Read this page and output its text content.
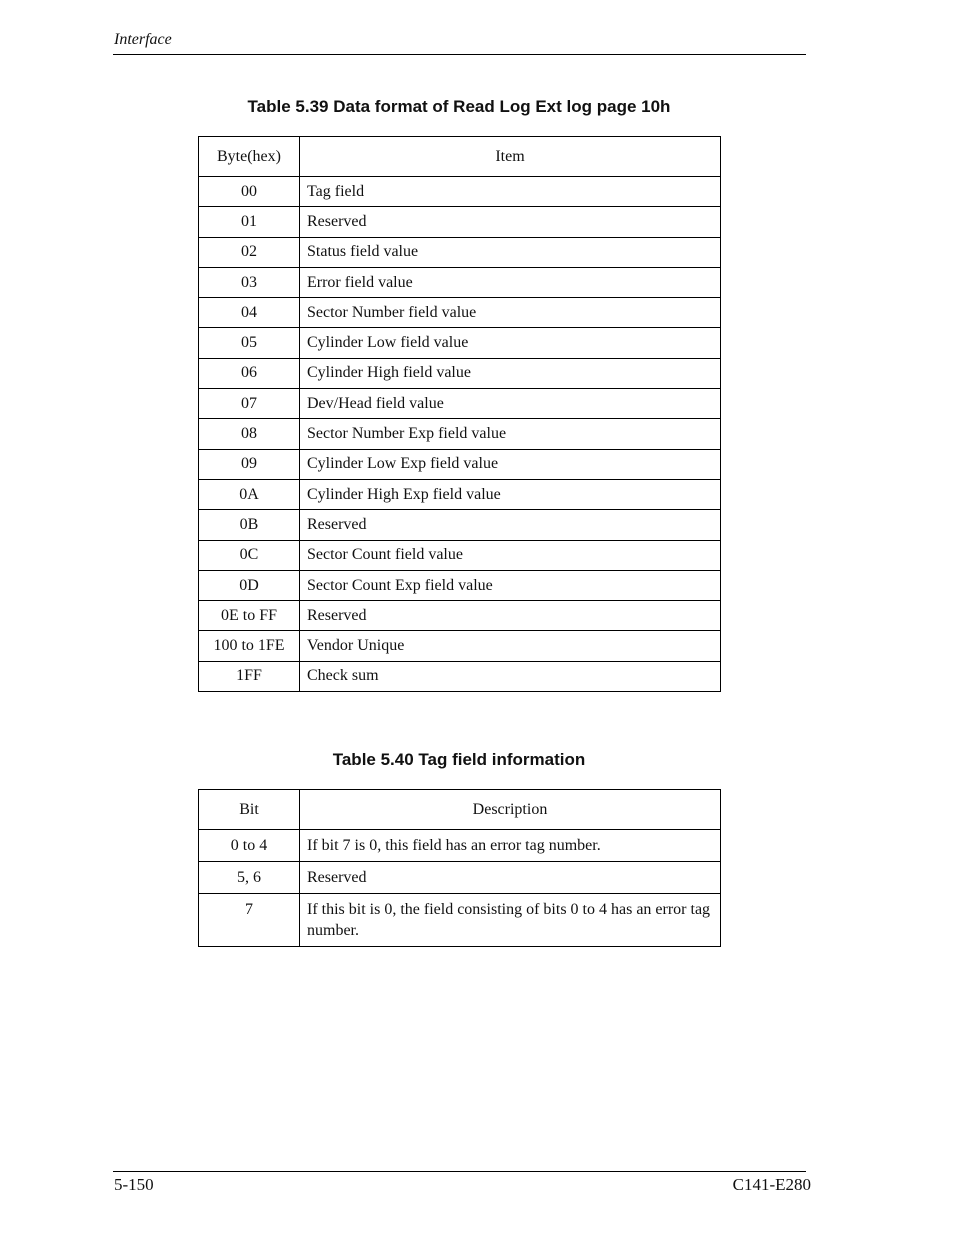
Interface
Table 5.39 Data format of Read Log Ext log page 10h
Byte(hex)	Item
00	Tag field
01	Reserved
02	Status field value
03	Error field value
04	Sector Number field value
05	Cylinder Low field value
06	Cylinder High field value
07	Dev/Head field value
08	Sector Number Exp field value
09	Cylinder Low Exp field value
0A	Cylinder High Exp field value
0B	Reserved
0C	Sector Count field value
0D	Sector Count Exp field value
0E to FF	Reserved
100 to 1FE	Vendor Unique
1FF	Check sum
Table 5.40 Tag field information
Bit	Description
0 to 4	If bit 7 is 0, this field has an error tag number.
5, 6	Reserved
7	If this bit is 0, the field consisting of bits 0 to 4 has an error tag number.
5-150	C141-E280
